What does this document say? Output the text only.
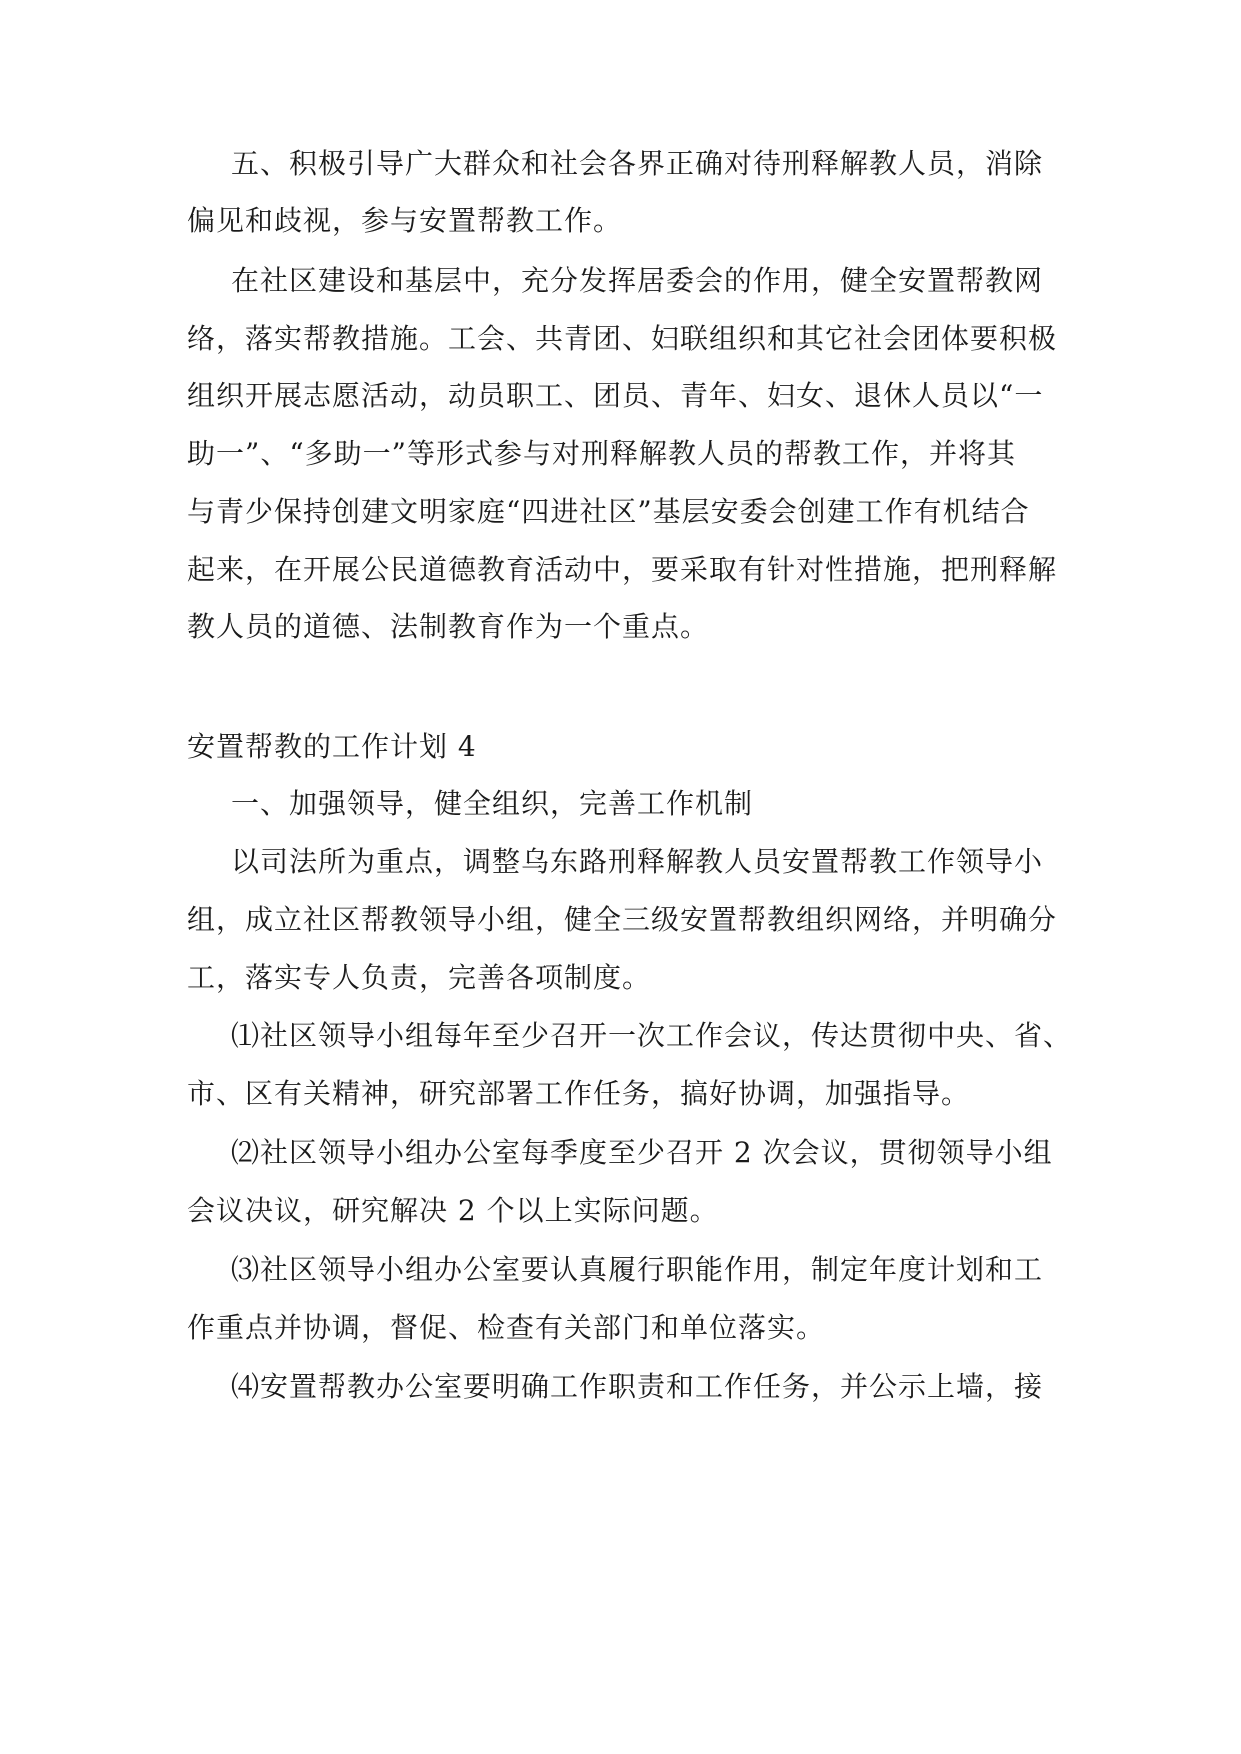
五、积极引导广大群众和社会各界正确对待刑释解教人员，消除
偏见和歧视，参与安置帮教工作。
在社区建设和基层中，充分发挥居委会的作用，健全安置帮教网
络，落实帮教措施。工会、共青团、妇联组织和其它社会团体要积极
组织开展志愿活动，动员职工、团员、青年、妇女、退休人员以“一
助一”、“多助一”等形式参与对刑释解教人员的帮教工作，并将其
与青少保持创建文明家庭“四进社区”基层安委会创建工作有机结合
起来，在开展公民道德教育活动中，要采取有针对性措施，把刑释解
教人员的道德、法制教育作为一个重点。
安置帮教的工作计划 4
一、加强领导，健全组织，完善工作机制
以司法所为重点，调整乌东路刑释解教人员安置帮教工作领导小
组，成立社区帮教领导小组，健全三级安置帮教组织网络，并明确分
工，落实专人负责，完善各项制度。
⑴社区领导小组每年至少召开一次工作会议，传达贯彻中央、省、
市、区有关精神，研究部署工作任务，搞好协调，加强指导。
⑵社区领导小组办公室每季度至少召开 2 次会议，贯彻领导小组
会议决议，研究解决 2 个以上实际问题。
⑶社区领导小组办公室要认真履行职能作用，制定年度计划和工
作重点并协调，督促、检查有关部门和单位落实。
⑷安置帮教办公室要明确工作职责和工作任务，并公示上墙，接
